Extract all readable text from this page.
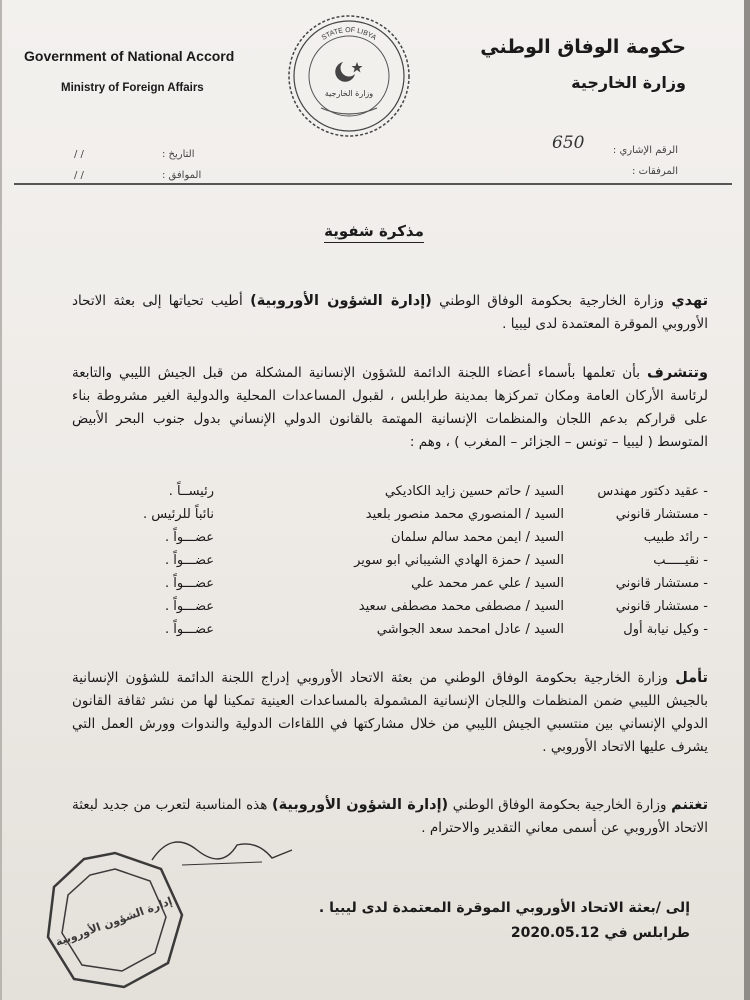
Government of National Accord
Ministry of Foreign Affairs
حكومة الوفاق الوطني
وزارة الخارجية
STATE OF LIBYA
وزارة الخارجية
650	الرقم الإشاري :
المرفقات :
التاريخ :
الموافق :
/ /
/ /
مذكرة شفوية
تهدي وزارة الخارجية بحكومة الوفاق الوطني (إدارة الشؤون الأوروبية) أطيب تحياتها إلى بعثة الاتحاد الأوروبي الموقرة المعتمدة لدى ليبيا .
وتتشرف بأن تعلمها بأسماء أعضاء اللجنة الدائمة للشؤون الإنسانية المشكلة من قبل الجيش الليبي والتابعة لرئاسة الأركان العامة ومكان تمركزها بمدينة طرابلس ، لقبول المساعدات المحلية والدولية الغير مشروطة بناء على قرارکم بدعم اللجان والمنظمات الإنسانية المهتمة بالقانون الدولي الإنساني بدول جنوب البحر الأبيض المتوسط ( ليبيا – تونس – الجزائر – المغرب ) ، وهم :
- عقيد دكتور مهندس
السيد / حاتم حسين زايد الكاديكي
رئيســاً .
- مستشار قانوني
السيد / المنصوري محمد منصور بلعيد
نائباً للرئيس .
- رائد طبيب
السيد / ايمن محمد سالم سلمان
عضـــواً .
- نقيـــــب
السيد / حمزة الهادي الشيباني ابو سوير
عضـــواً .
- مستشار قانوني
السيد / علي عمر محمد علي
عضـــواً .
- مستشار قانوني
السيد / مصطفى محمد مصطفى سعيد
عضـــواً .
- وكيل نيابة أول
السيد / عادل امحمد سعد الجواشي
عضـــواً .
تأمل وزارة الخارجية بحكومة الوفاق الوطني من بعثة الاتحاد الأوروبي إدراج اللجنة الدائمة للشؤون الإنسانية بالجيش الليبي ضمن المنظمات واللجان الإنسانية المشمولة بالمساعدات العينية تمكينا لها من نشر ثقافة القانون الدولي الإنساني بين منتسبي الجيش الليبي من خلال مشاركتها في اللقاءات الدولية والندوات وورش العمل التي يشرف عليها الاتحاد الأوروبي .
تغتنم وزارة الخارجية بحكومة الوفاق الوطني (إدارة الشؤون الأوروبية) هذه المناسبة لتعرب من جديد لبعثة الاتحاد الأوروبي عن أسمى معاني التقدير والاحترام .
إدارة الشؤون الأوروبية	إلى /بعثة الاتحاد الأوروبي الموقرة المعتمدة لدى ليبيا .
طرابلس في 2020.05.12
